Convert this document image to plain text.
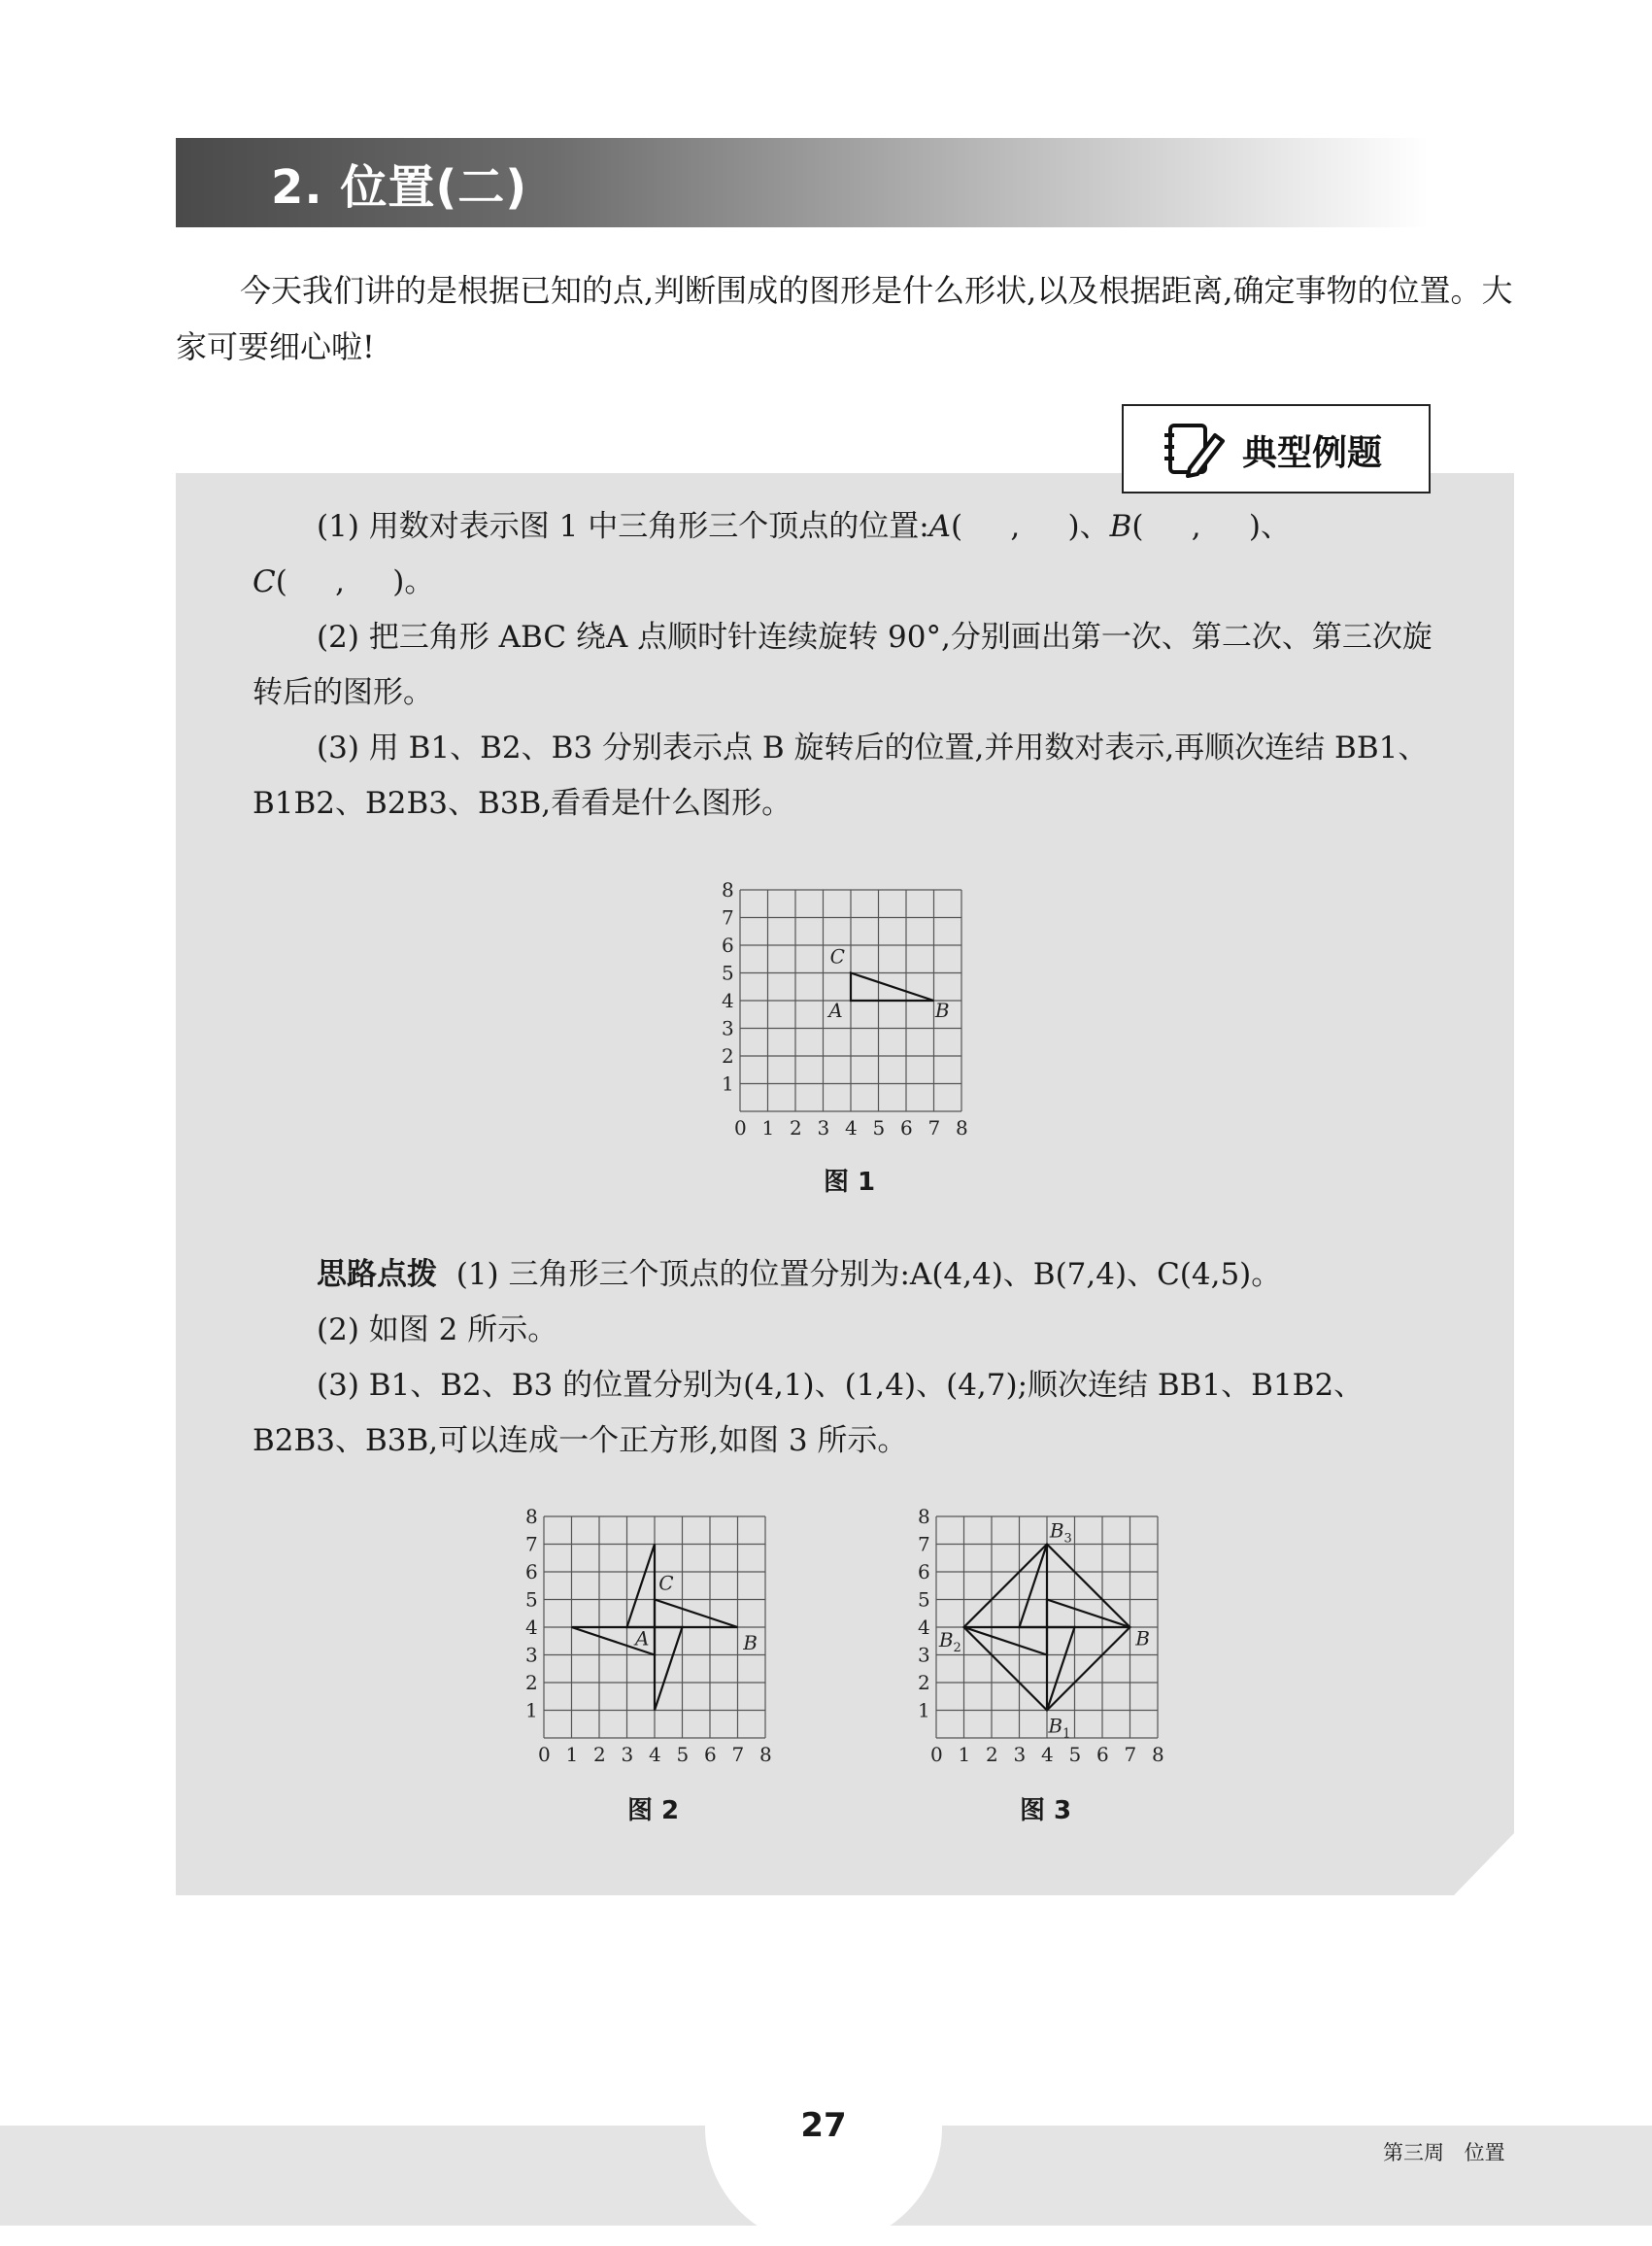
2. 位置(二)

今天我们讲的是根据已知的点,判断围成的图形是什么形状,以及根据距离,确定事物的位置。大家可要细心啦!

典型例题

(1) 用数对表示图 1 中三角形三个顶点的位置:A(     ,     )、B(     ,     )、
C(     ,     )。

(2) 把三角形 ABC 绕A 点顺时针连续旋转 90°,分别画出第一次、第二次、第三次旋转后的图形。

(3) 用 B1、B2、B3 分别表示点 B 旋转后的位置,并用数对表示,再顺次连结 BB1、B1B2、B2B3、B3B,看看是什么图形。

0 1
1
2
2
3
3
4
4
5
5
6
6
7
7
8
8
C
A	B
图 1

思路点拨 (1) 三角形三个顶点的位置分别为:A(4,4)、B(7,4)、C(4,5)。

(2) 如图 2 所示。

(3) B1、B2、B3 的位置分别为(4,1)、(1,4)、(4,7);顺次连结 BB1、B1B2、B2B3、B3B,可以连成一个正方形,如图 3 所示。

0 1
1
2
2
3
3
4
4
5
5
6
6
7
7
8
8
C
A	B
图 2
0 1
1
2
2
3
3
4
4
5
5
6
6
7
7
8
8
$B_3$
$B_2$	B
$B_1$
图 3
27
第三周 位置
